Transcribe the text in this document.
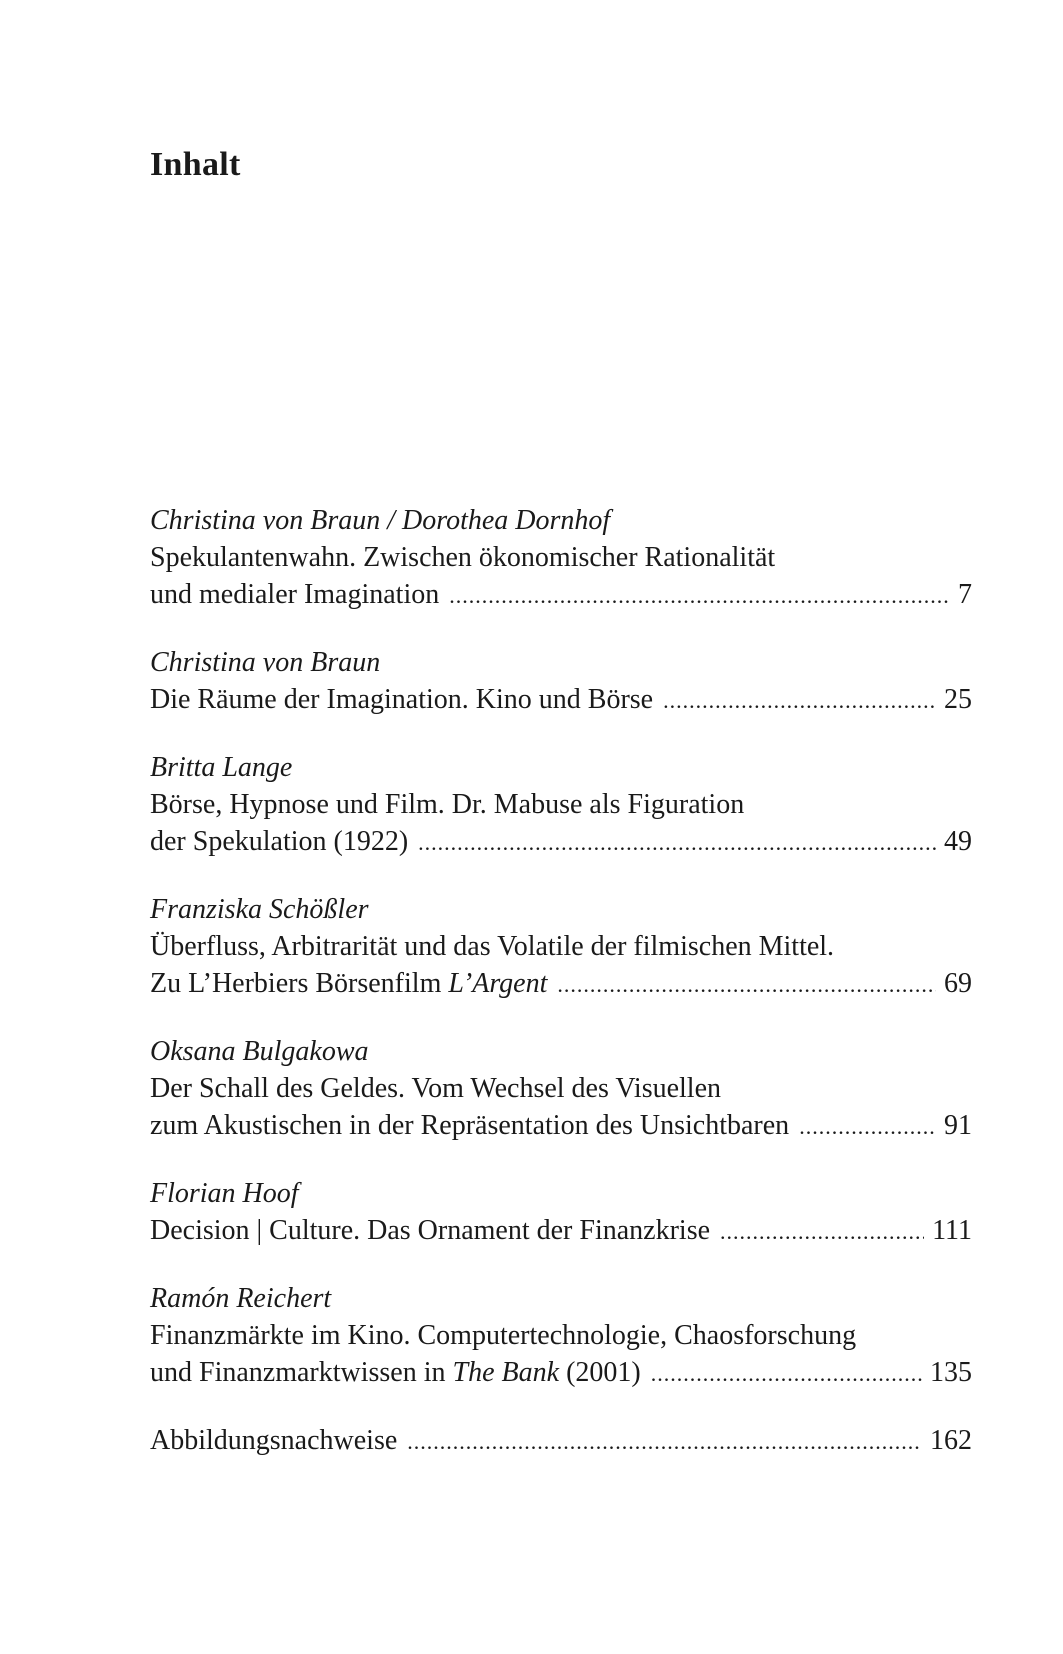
Inhalt
Christina von Braun / Dorothea Dornhof
Spekulantenwahn. Zwischen ökonomischer Rationalität
und medialer Imagination .....	7
Christina von Braun
Die Räume der Imagination. Kino und Börse .....	25
Britta Lange
Börse, Hypnose und Film. Dr. Mabuse als Figuration
der Spekulation (1922) .....	49
Franziska Schößler
Überfluss, Arbitrarität und das Volatile der filmischen Mittel.
Zu L’Herbiers Börsenfilm L’Argent .....	69
Oksana Bulgakowa
Der Schall des Geldes. Vom Wechsel des Visuellen
zum Akustischen in der Repräsentation des Unsichtbaren .....	91
Florian Hoof
Decision | Culture. Das Ornament der Finanzkrise .....	111
Ramón Reichert
Finanzmärkte im Kino. Computertechnologie, Chaosforschung
und Finanzmarktwissen in The Bank (2001) .....	135
Abbildungsnachweise .....	162
